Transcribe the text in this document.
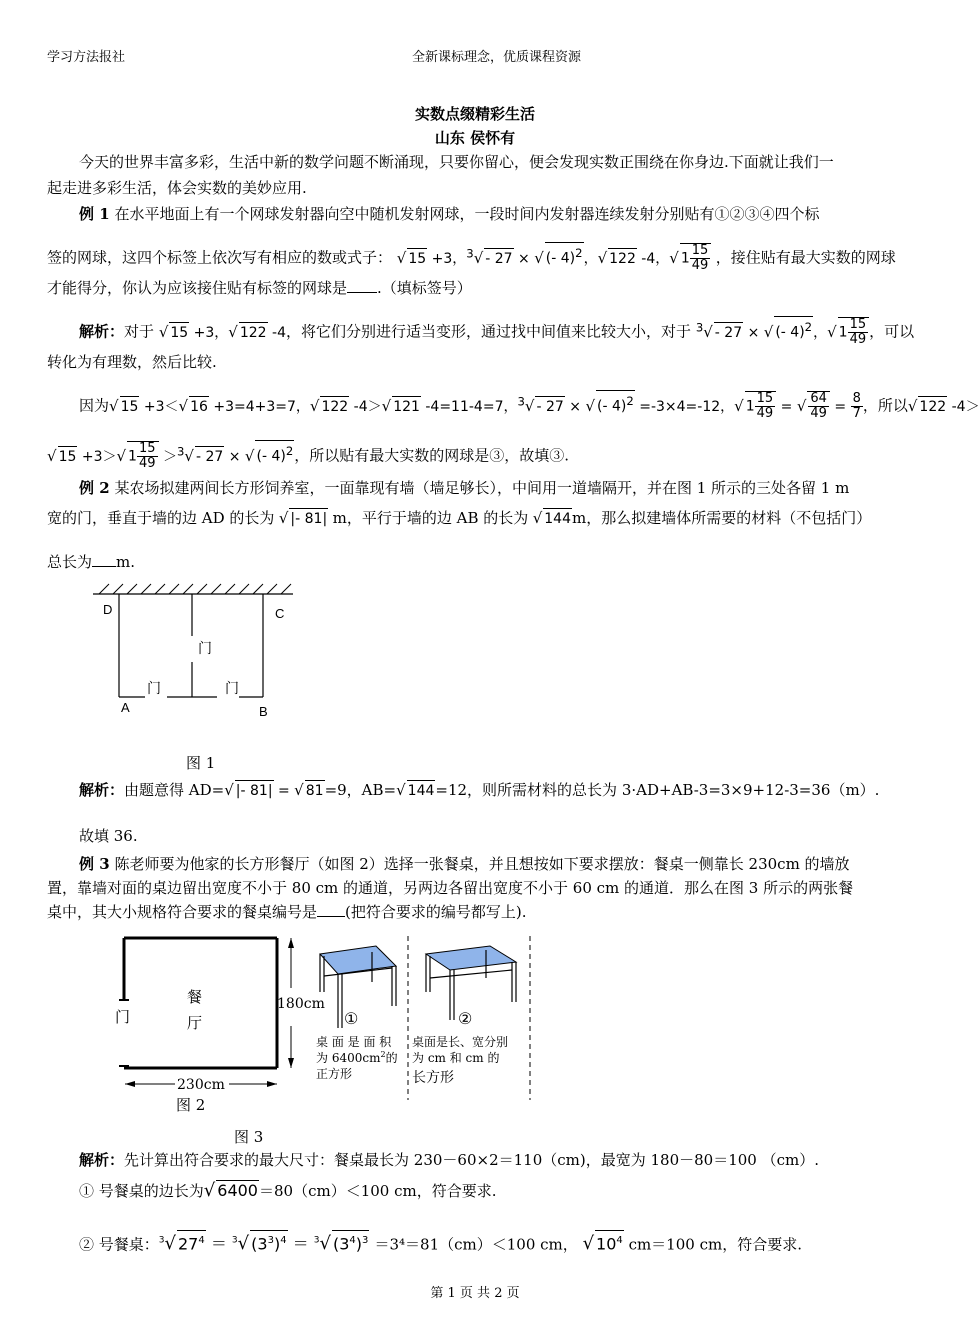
学习方法报社	全新课标理念，优质课程资源
实数点缀精彩生活
山东 侯怀有
今天的世界丰富多彩，生活中新的数学问题不断涌现，只要你留心，便会发现实数正围绕在你身边.下面就让我们一
起走进多彩生活，体会实数的美妙应用.
例 1 在水平地面上有一个网球发射器向空中随机发射网球，一段时间内发射器连续发射分别贴有①②③④四个标
签的网球，这四个标签上依次写有相应的数或式子： √ 15 +3，$^3$√ - 27 × √ (- 4)$^2$，√ 122 -4，√ $1 \frac{15}{49}$ ，接住贴有最大实数的网球
才能得分，你认为应该接住贴有标签的网球是 .（填标签号）
解析：对于 √ 15 +3，√ 122 -4，将它们分别进行适当变形，通过找中间值来比较大小，对于 $^3$√ - 27 × √ (- 4)$^2$，√ $1 \frac{15}{49}$ ，可以
转化为有理数，然后比较.
因为√ 15 +3＜√ 16 +3=4+3=7，√ 122 -4＞√ 121 -4=11-4=7，$^3$√ - 27 × √ (- 4)$^2$ =-3×4=-12，√ $1 \frac{15}{49}$ = √ $\frac{64}{49} = \frac{8}{7}$ ，所以√ 122 -4＞
√ 15 +3＞√ $1 \frac{15}{49} >^3√ - 27$ × √ (- 4)$^2$，所以贴有最大实数的网球是③，故填③.
例 2 某农场拟建两间长方形饲养室，一面靠现有墙（墙足够长），中间用一道墙隔开，并在图 1 所示的三处各留 1 m
宽的门，垂直于墙的边 AD 的长为 √ |- 81| m，平行于墙的边 AB 的长为 √ 144m，那么拟建墙体所需要的材料（不包括门）
总长为 m.
D	C
A	B
门
门	门
图 1
解析：由题意得 AD=√ |- 81| = √ 81=9，AB=√ 144=12，则所需材料的总长为 3·AD+AB-3=3×9+12-3=36（m）.
故填 36.
例 3 陈老师要为他家的长方形餐厅（如图 2）选择一张餐桌，并且想按如下要求摆放：餐桌一侧靠长 230cm 的墙放
置，靠墙对面的桌边留出宽度不小于 80 cm 的通道，另两边各留出宽度不小于 60 cm 的通道．那么在图 3 所示的两张餐
桌中，其大小规格符合要求的餐桌编号是 (把符合要求的编号都写上).
餐
厅
门
180cm
230cm
图 2
①	②
桌 面 是 面 积
为 $6400cm^2$的
正方形
桌面是长、宽分别
为 cm 和 cm 的
长方形
图 3
解析：先计算出符合要求的最大尺寸：餐桌最长为 230－60×2＝110（cm)，最宽为 180－80＝100 （cm）.
① 号餐桌的边长为√ 6400＝80（cm）＜100 cm，符合要求.
② 号餐桌：$^3$√ $27^4 = ^3√$ $(3^3)^4 = ^3√$ $(3^4)^3 =3^4=81(cm)<100$ cm， √ $10^4$ cm＝100 cm，符合要求.
第 1 页 共 2 页
